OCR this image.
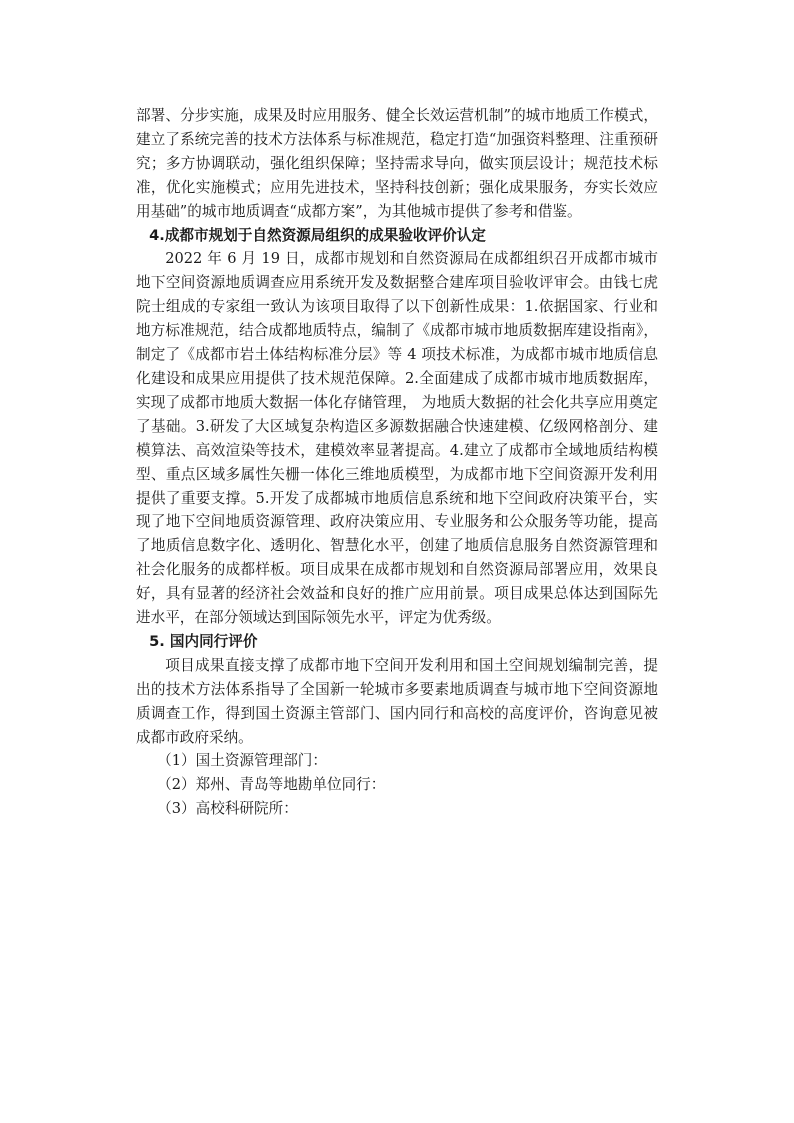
部署、分步实施，成果及时应用服务、健全长效运营机制”的城市地质工作模式，建立了系统完善的技术方法体系与标准规范，稳定打造“加强资料整理、注重预研究；多方协调联动，强化组织保障；坚持需求导向，做实顶层设计；规范技术标准，优化实施模式；应用先进技术，坚持科技创新；强化成果服务，夯实长效应用基础”的城市地质调查“成都方案”，为其他城市提供了参考和借鉴。

4.成都市规划于自然资源局组织的成果验收评价认定

2022 年 6 月 19 日，成都市规划和自然资源局在成都组织召开成都市城市地下空间资源地质调查应用系统开发及数据整合建库项目验收评审会。由钱七虎院士组成的专家组一致认为该项目取得了以下创新性成果：1.依据国家、行业和地方标准规范，结合成都地质特点，编制了《成都市城市地质数据库建设指南》，制定了《成都市岩土体结构标准分层》等 4 项技术标准，为成都市城市地质信息化建设和成果应用提供了技术规范保障。2.全面建成了成都市城市地质数据库，实现了成都市地质大数据一体化存储管理， 为地质大数据的社会化共享应用奠定了基础。3.研发了大区域复杂构造区多源数据融合快速建模、亿级网格剖分、建模算法、高效渲染等技术，建模效率显著提高。4.建立了成都市全域地质结构模型、重点区域多属性矢栅一体化三维地质模型，为成都市地下空间资源开发利用提供了重要支撑。5.开发了成都城市地质信息系统和地下空间政府决策平台，实现了地下空间地质资源管理、政府决策应用、专业服务和公众服务等功能，提高了地质信息数字化、透明化、智慧化水平，创建了地质信息服务自然资源管理和社会化服务的成都样板。项目成果在成都市规划和自然资源局部署应用，效果良好，具有显著的经济社会效益和良好的推广应用前景。项目成果总体达到国际先进水平，在部分领域达到国际领先水平，评定为优秀级。

5. 国内同行评价

项目成果直接支撑了成都市地下空间开发利用和国土空间规划编制完善，提出的技术方法体系指导了全国新一轮城市多要素地质调查与城市地下空间资源地质调查工作，得到国土资源主管部门、国内同行和高校的高度评价，咨询意见被成都市政府采纳。

（1）国土资源管理部门：

（2）郑州、青岛等地勘单位同行：

（3）高校科研院所：
